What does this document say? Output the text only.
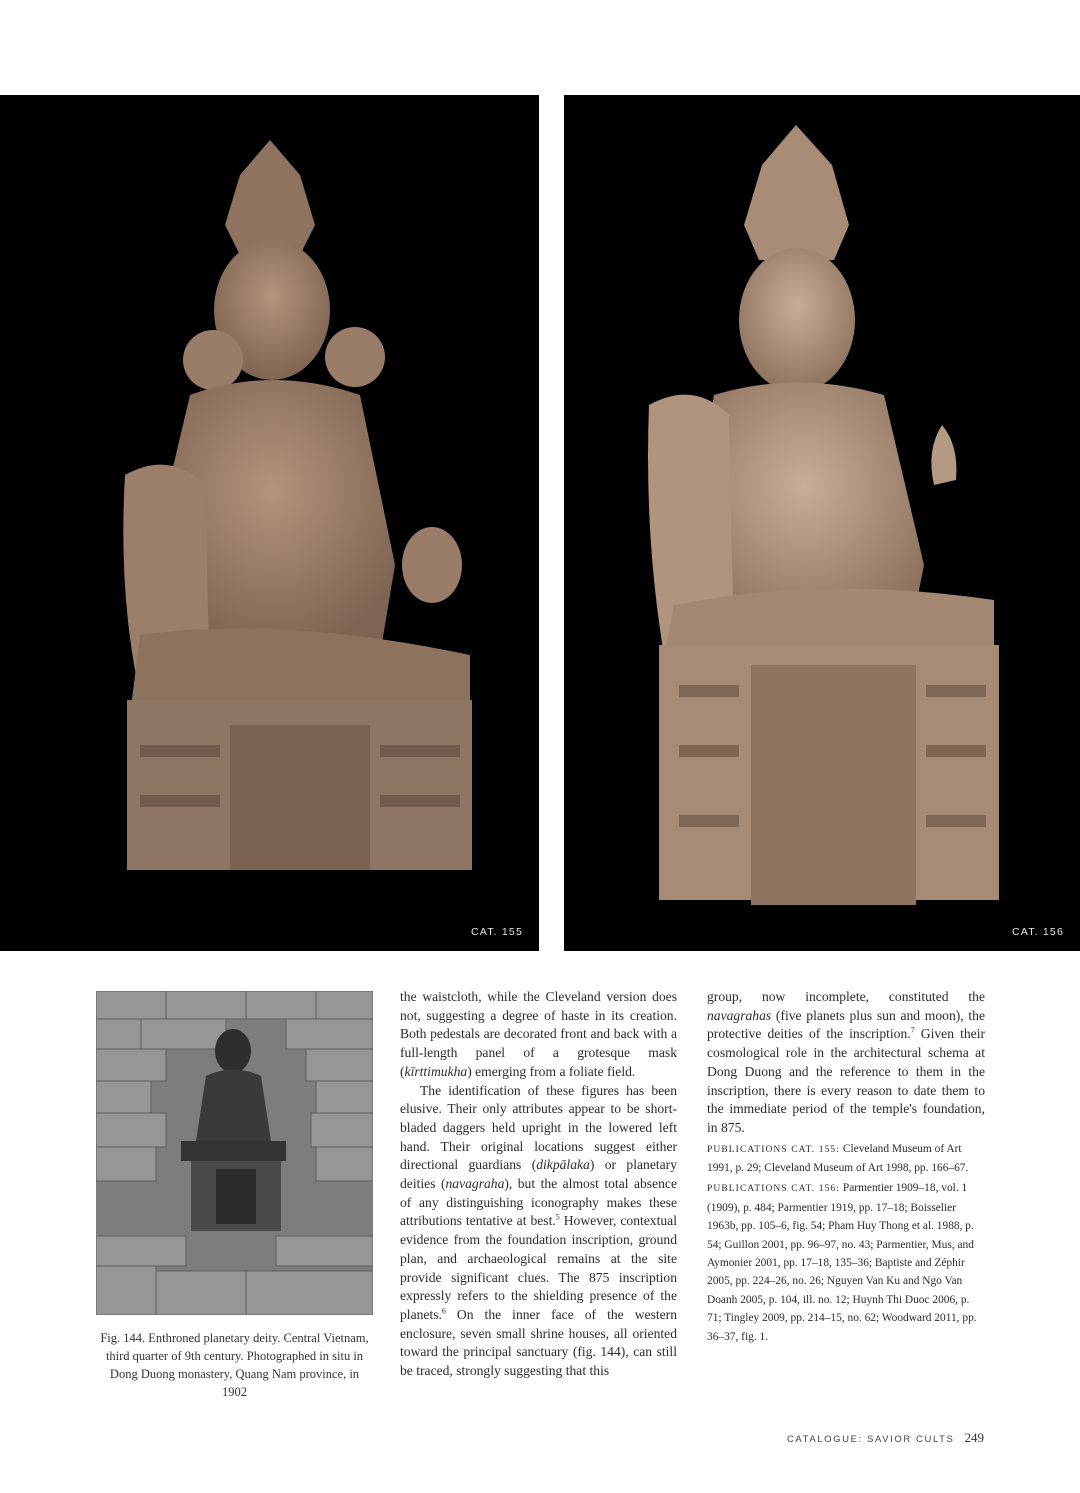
CAT. 155	CAT. 156
Fig. 144. Enthroned planetary deity. Central Vietnam, third quarter of 9th century. Photographed in situ in Dong Duong monastery, Quang Nam province, in 1902

the waistcloth, while the Cleveland version does not, suggesting a degree of haste in its creation. Both pedestals are decorated front and back with a full-length panel of a grotesque mask (kīrttimukha) emerging from a foliate field.

The identification of these figures has been elusive. Their only attributes appear to be short-bladed daggers held upright in the lowered left hand. Their original locations suggest either directional guardians (dikpālaka) or planetary deities (navagraha), but the almost total absence of any distinguishing iconography makes these attributions tentative at best.$^5$ However, contextual evidence from the foundation inscription, ground plan, and archaeological remains at the site provide significant clues. The 875 inscription expressly refers to the shielding presence of the planets.$^6$ On the inner face of the western enclosure, seven small shrine houses, all oriented toward the principal sanctuary (fig. 144), can still be traced, strongly suggesting that this

group, now incomplete, constituted the navagrahas (five planets plus sun and moon), the protective deities of the inscription.$^7$ Given their cosmological role in the architectural schema at Dong Duong and the reference to them in the inscription, there is every reason to date them to the immediate period of the temple's foundation, in 875.

PUBLICATIONS CAT. 155: Cleveland Museum of Art 1991, p. 29; Cleveland Museum of Art 1998, pp. 166–67.

PUBLICATIONS CAT. 156: Parmentier 1909–18, vol. 1 (1909), p. 484; Parmentier 1919, pp. 17–18; Boisselier 1963b, pp. 105–6, fig. 54; Pham Huy Thong et al. 1988, p. 54; Guillon 2001, pp. 96–97, no. 43; Parmentier, Mus, and Aymonier 2001, pp. 17–18, 135–36; Baptiste and Zéphir 2005, pp. 224–26, no. 26; Nguyen Van Ku and Ngo Van Doanh 2005, p. 104, ill. no. 12; Huynh Thi Duoc 2006, p. 71; Tingley 2009, pp. 214–15, no. 62; Woodward 2011, pp. 36–37, fig. 1.

CATALOGUE: SAVIOR CULTS 249
